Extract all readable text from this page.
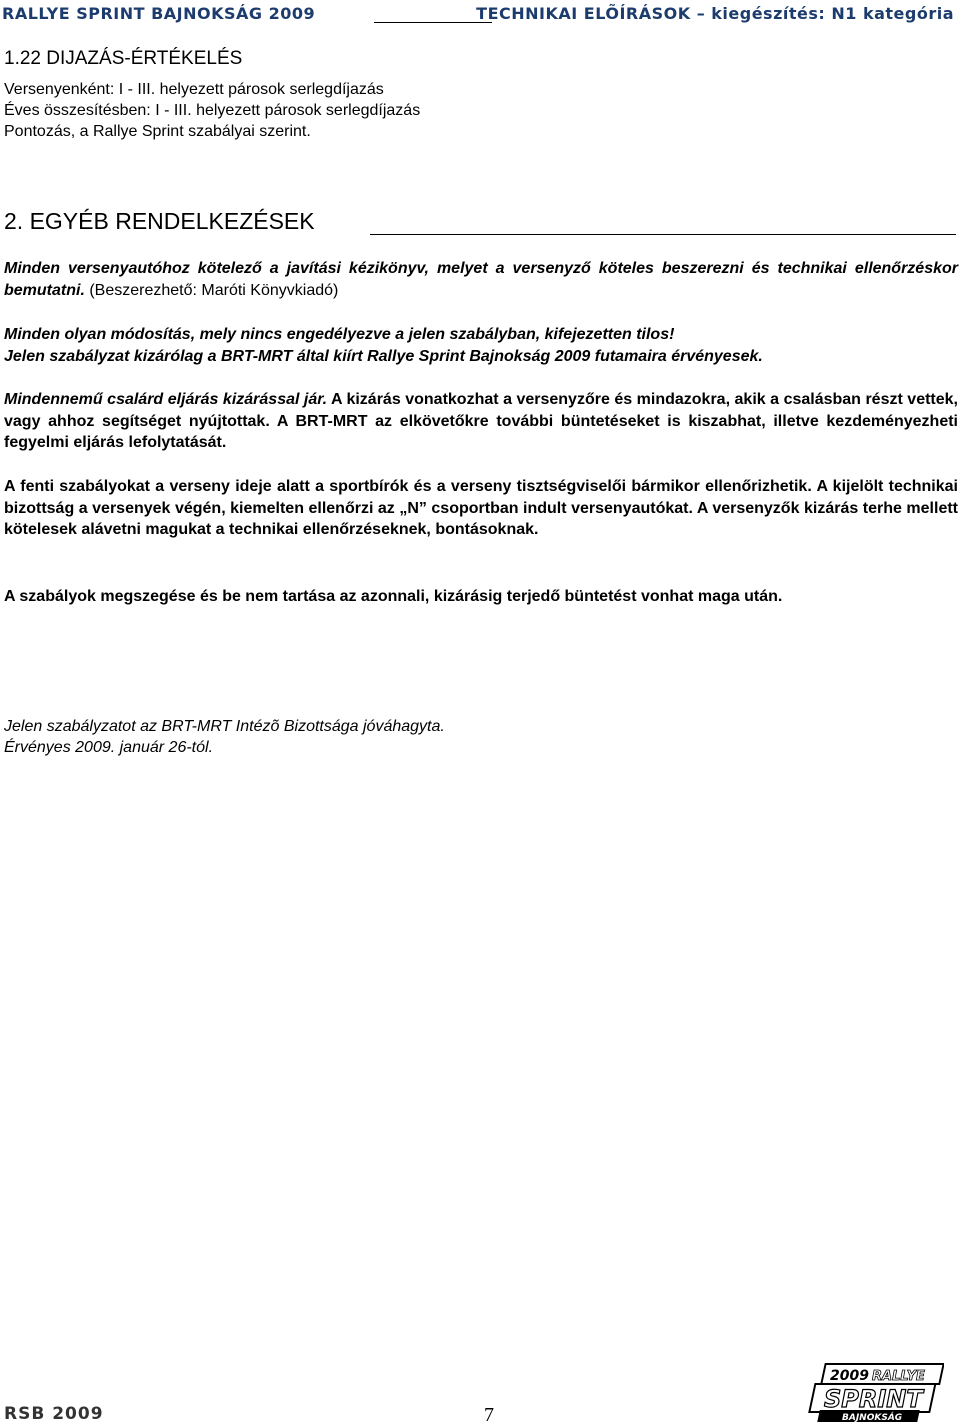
RALLYE SPRINT BAJNOKSÁG 2009	TECHNIKAI ELÕÍRÁSOK – kiegészítés: N1 kategória
1.22 DIJAZÁS-ÉRTÉKELÉS
Versenyenként: I - III. helyezett párosok serlegdíjazás
Éves összesítésben: I - III. helyezett párosok serlegdíjazás
Pontozás, a Rallye Sprint szabályai szerint.
2. EGYÉB RENDELKEZÉSEK
Minden versenyautóhoz kötelező a javítási kézikönyv, melyet a versenyző köteles beszerezni és technikai ellenőrzéskor bemutatni. (Beszerezhető: Maróti Könyvkiadó)
Minden olyan módosítás, mely nincs engedélyezve a jelen szabályban, kifejezetten tilos!
Jelen szabályzat kizárólag a BRT-MRT által kiírt Rallye Sprint Bajnokság 2009 futamaira érvényesek.
Mindennemű csalárd eljárás kizárással jár. A kizárás vonatkozhat a versenyzőre és mindazokra, akik a csalásban részt vettek, vagy ahhoz segítséget nyújtottak. A BRT-MRT az elkövetőkre további büntetéseket is kiszabhat, illetve kezdeményezheti fegyelmi eljárás lefolytatását.
A fenti szabályokat a verseny ideje alatt a sportbírók és a verseny tisztségviselői bármikor ellenőrizhetik. A kijelölt technikai bizottság a versenyek végén, kiemelten ellenőrzi az „N” csoportban indult versenyautókat. A versenyzők kizárás terhe mellett kötelesek alávetni magukat a technikai ellenőrzéseknek, bontásoknak.
A szabályok megszegése és be nem tartása az azonnali, kizárásig terjedő büntetést vonhat maga után.
Jelen szabályzatot az BRT-MRT Intézõ Bizottsága jóváhagyta.
Érvényes 2009. január 26-tól.
RSB 2009	7
2009 RALLYE
SPRINT
BAJNOKSÁG
